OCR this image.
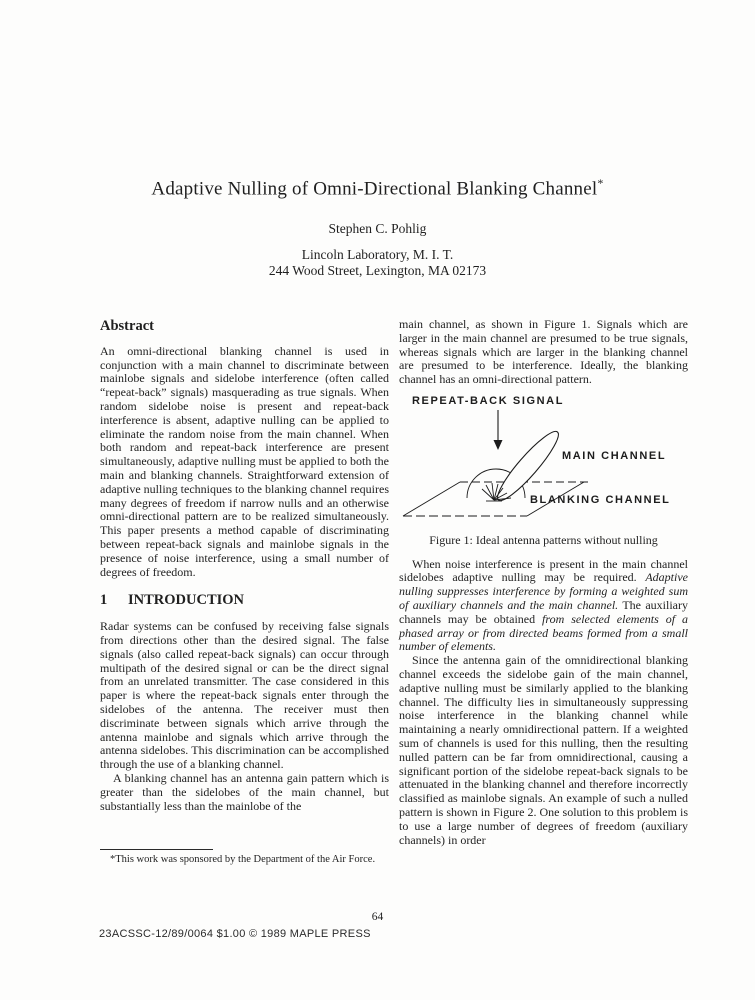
Adaptive Nulling of Omni-Directional Blanking Channel*
Stephen C. Pohlig
Lincoln Laboratory, M. I. T.
244 Wood Street, Lexington, MA 02173
Abstract

An omni-directional blanking channel is used in conjunction with a main channel to discriminate between mainlobe signals and sidelobe interference (often called “repeat-back” signals) masquerading as true signals. When random sidelobe noise is present and repeat-back interference is absent, adaptive nulling can be applied to eliminate the random noise from the main channel. When both random and repeat-back interference are present simultaneously, adaptive nulling must be applied to both the main and blanking channels. Straightforward extension of adaptive nulling techniques to the blanking channel requires many degrees of freedom if narrow nulls and an otherwise omni-directional pattern are to be realized simultaneously. This paper presents a method capable of discriminating between repeat-back signals and mainlobe signals in the presence of noise interference, using a small number of degrees of freedom.

1 INTRODUCTION

Radar systems can be confused by receiving false signals from directions other than the desired signal. The false signals (also called repeat-back signals) can occur through multipath of the desired signal or can be the direct signal from an unrelated transmitter. The case considered in this paper is where the repeat-back signals enter through the sidelobes of the antenna. The receiver must then discriminate between signals which arrive through the antenna mainlobe and signals which arrive through the antenna sidelobes. This discrimination can be accomplished through the use of a blanking channel.

A blanking channel has an antenna gain pattern which is greater than the sidelobes of the main channel, but substantially less than the mainlobe of the

*This work was sponsored by the Department of the Air Force.

main channel, as shown in Figure 1. Signals which are larger in the main channel are presumed to be true signals, whereas signals which are larger in the blanking channel are presumed to be interference. Ideally, the blanking channel has an omni-directional pattern.

REPEAT-BACK SIGNAL
MAIN CHANNEL
BLANKING CHANNEL
Figure 1: Ideal antenna patterns without nulling

When noise interference is present in the main channel sidelobes adaptive nulling may be required. Adaptive nulling suppresses interference by forming a weighted sum of auxiliary channels and the main channel. The auxiliary channels may be obtained from selected elements of a phased array or from directed beams formed from a small number of elements.

Since the antenna gain of the omnidirectional blanking channel exceeds the sidelobe gain of the main channel, adaptive nulling must be similarly applied to the blanking channel. The difficulty lies in simultaneously suppressing noise interference in the blanking channel while maintaining a nearly omnidirectional pattern. If a weighted sum of channels is used for this nulling, then the resulting nulled pattern can be far from omnidirectional, causing a significant portion of the sidelobe repeat-back signals to be attenuated in the blanking channel and therefore incorrectly classified as mainlobe signals. An example of such a nulled pattern is shown in Figure 2. One solution to this problem is to use a large number of degrees of freedom (auxiliary channels) in order

64
23ACSSC-12/89/0064 $1.00 © 1989 MAPLE PRESS
